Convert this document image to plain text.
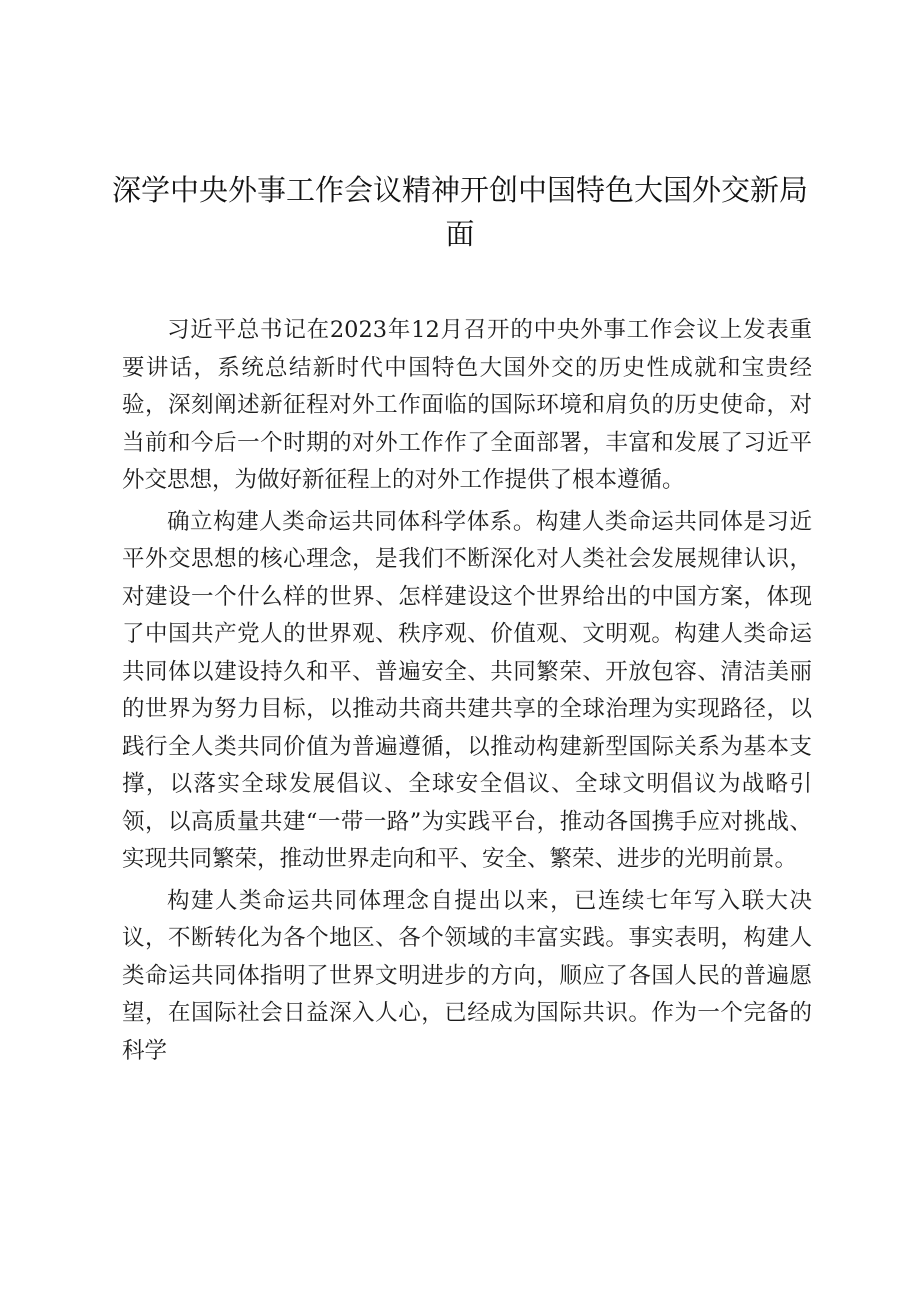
深学中央外事工作会议精神开创中国特色大国外交新局面

习近平总书记在2023年12月召开的中央外事工作会议上发表重要讲话，系统总结新时代中国特色大国外交的历史性成就和宝贵经验，深刻阐述新征程对外工作面临的国际环境和肩负的历史使命，对当前和今后一个时期的对外工作作了全面部署，丰富和发展了习近平外交思想，为做好新征程上的对外工作提供了根本遵循。

确立构建人类命运共同体科学体系。构建人类命运共同体是习近平外交思想的核心理念，是我们不断深化对人类社会发展规律认识，对建设一个什么样的世界、怎样建设这个世界给出的中国方案，体现了中国共产党人的世界观、秩序观、价值观、文明观。构建人类命运共同体以建设持久和平、普遍安全、共同繁荣、开放包容、清洁美丽的世界为努力目标，以推动共商共建共享的全球治理为实现路径，以践行全人类共同价值为普遍遵循，以推动构建新型国际关系为基本支撑，以落实全球发展倡议、全球安全倡议、全球文明倡议为战略引领，以高质量共建“一带一路”为实践平台，推动各国携手应对挑战、实现共同繁荣，推动世界走向和平、安全、繁荣、进步的光明前景。

构建人类命运共同体理念自提出以来，已连续七年写入联大决议，不断转化为各个地区、各个领域的丰富实践。事实表明，构建人类命运共同体指明了世界文明进步的方向，顺应了各国人民的普遍愿望，在国际社会日益深入人心，已经成为国际共识。作为一个完备的科学
